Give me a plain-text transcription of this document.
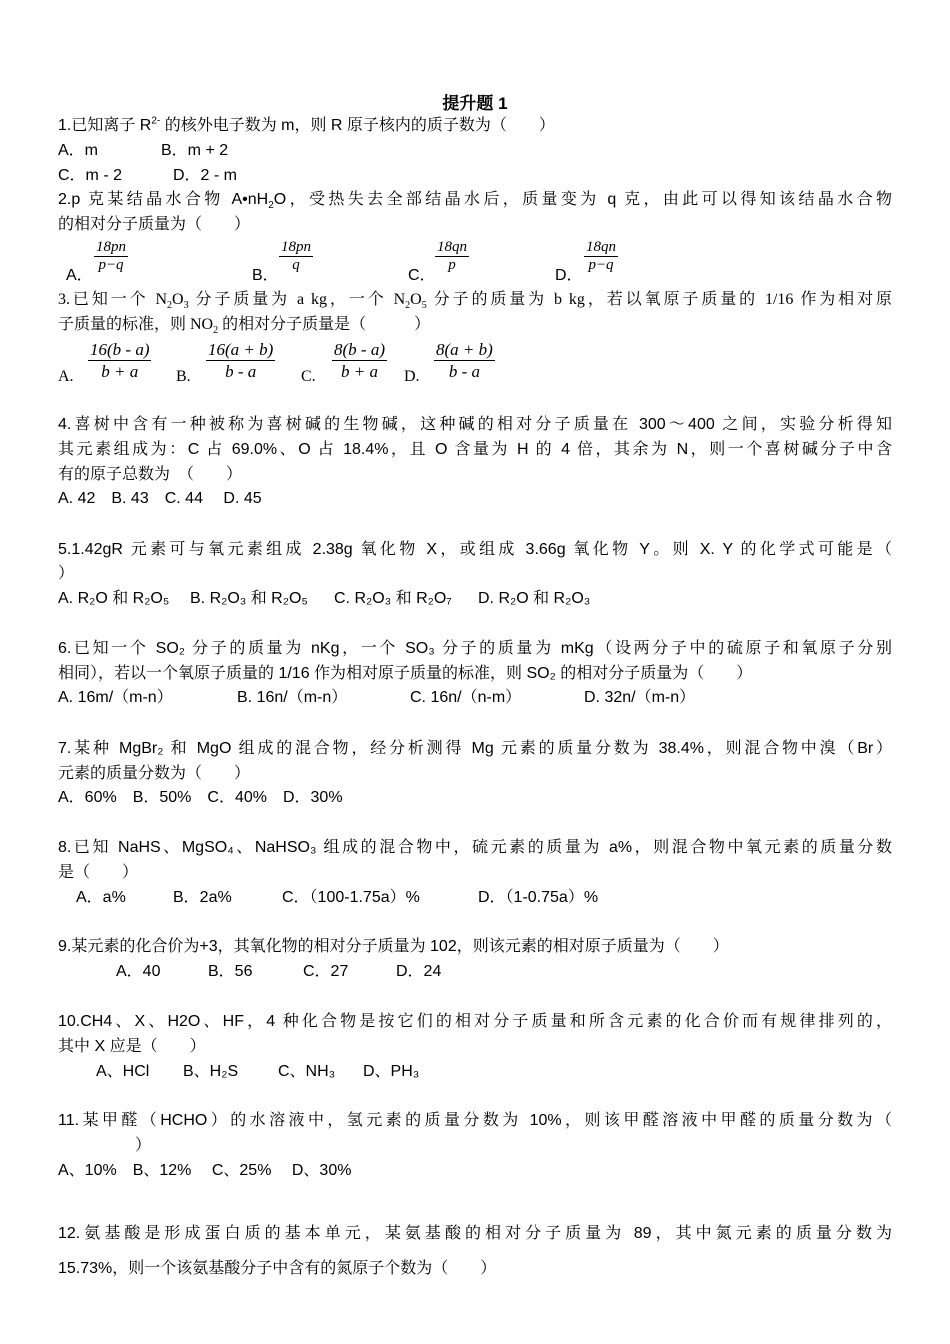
提升题 1
1.已知离子 $R^{2-}$ 的核外电子数为 m，则 R 原子核内的质子数为（　　）
A．m	B．m + 2
C．m - 2	D．2 - m
2.p 克某结晶水合物 $A•nH_2O$，受热失去全部结晶水后，质量变为 q 克，由此可以得知该结晶水合物
的相对分子质量为（　　）
A．
18pn
p−q
B．
18pn
q
C．
18qn
p
D．
18qn
p−q
3.已知一个 $N_2O_3$ 分子质量为 a kg，一个 $N_2O_5$ 分子的质量为 b kg，若以氧原子质量的 1/16 作为相对原
子质量的标准，则 $NO_2$ 的相对分子质量是（　　　）
A.
16(b - a)
b + a B.
16(a + b)
b - a	C.
8(b - a)
b + a D.
8(a + b)
b - a
4.喜树中含有一种被称为喜树碱的生物碱，这种碱的相对分子质量在 300～400 之间，实验分析得知
其元素组成为：C 占 69.0%、O 占 18.4%，且 O 含量为 H 的 4 倍，其余为 N，则一个喜树碱分子中含
有的原子总数为　（　　）
A. 42　B. 43　C. 44　 D. 45
5.1.42gR 元素可与氧元素组成 2.38g 氧化物 X，或组成 3.66g 氧化物 Y。则 X. Y 的化学式可能是（
）
A. R₂O 和 R₂O₅ B. R₂O₃ 和 R₂O₅ C. R₂O₃ 和 R₂O₇ D. R₂O 和 R₂O₃
6.已知一个 SO₂ 分子的质量为 nKg，一个 SO₃ 分子的质量为 mKg（设两分子中的硫原子和氧原子分别
相同），若以一个氧原子质量的 1/16 作为相对原子质量的标准，则 SO₂ 的相对分子质量为（　　）
A. 16m/（m-n）	B. 16n/（m-n）	C. 16n/（n-m）	D. 32n/（m-n）
7.某种 MgBr₂ 和 MgO 组成的混合物，经分析测得 Mg 元素的质量分数为 38.4%，则混合物中溴（Br）
元素的质量分数为（　　）
A．60%　B．50%　C．40%　D．30%
8.已知 NaHS、MgSO₄、NaHSO₃ 组成的混合物中，硫元素的质量为 a%，则混合物中氧元素的质量分数
是（　　）
A．a%	B．2a%	C．（100-1.75a）%	D．（1-0.75a）%
9.某元素的化合价为+3，其氧化物的相对分子质量为 102，则该元素的相对原子质量为（　　）
A．40	B．56	C．27	D．24
10.CH4、X、H2O、HF，4 种化合物是按它们的相对分子质量和所含元素的化合价而有规律排列的，
其中 X 应是（　　）
A、HCl B、H₂S C、NH₃ D、PH₃
11.某甲醛（HCHO）的水溶液中，氢元素的质量分数为 10%，则该甲醛溶液中甲醛的质量分数为（
）
A、10%　B、12%　 C、25%　 D、30%
12.氨基酸是形成蛋白质的基本单元，某氨基酸的相对分子质量为 89，其中氮元素的质量分数为
15.73%，则一个该氨基酸分子中含有的氮原子个数为（　　）
